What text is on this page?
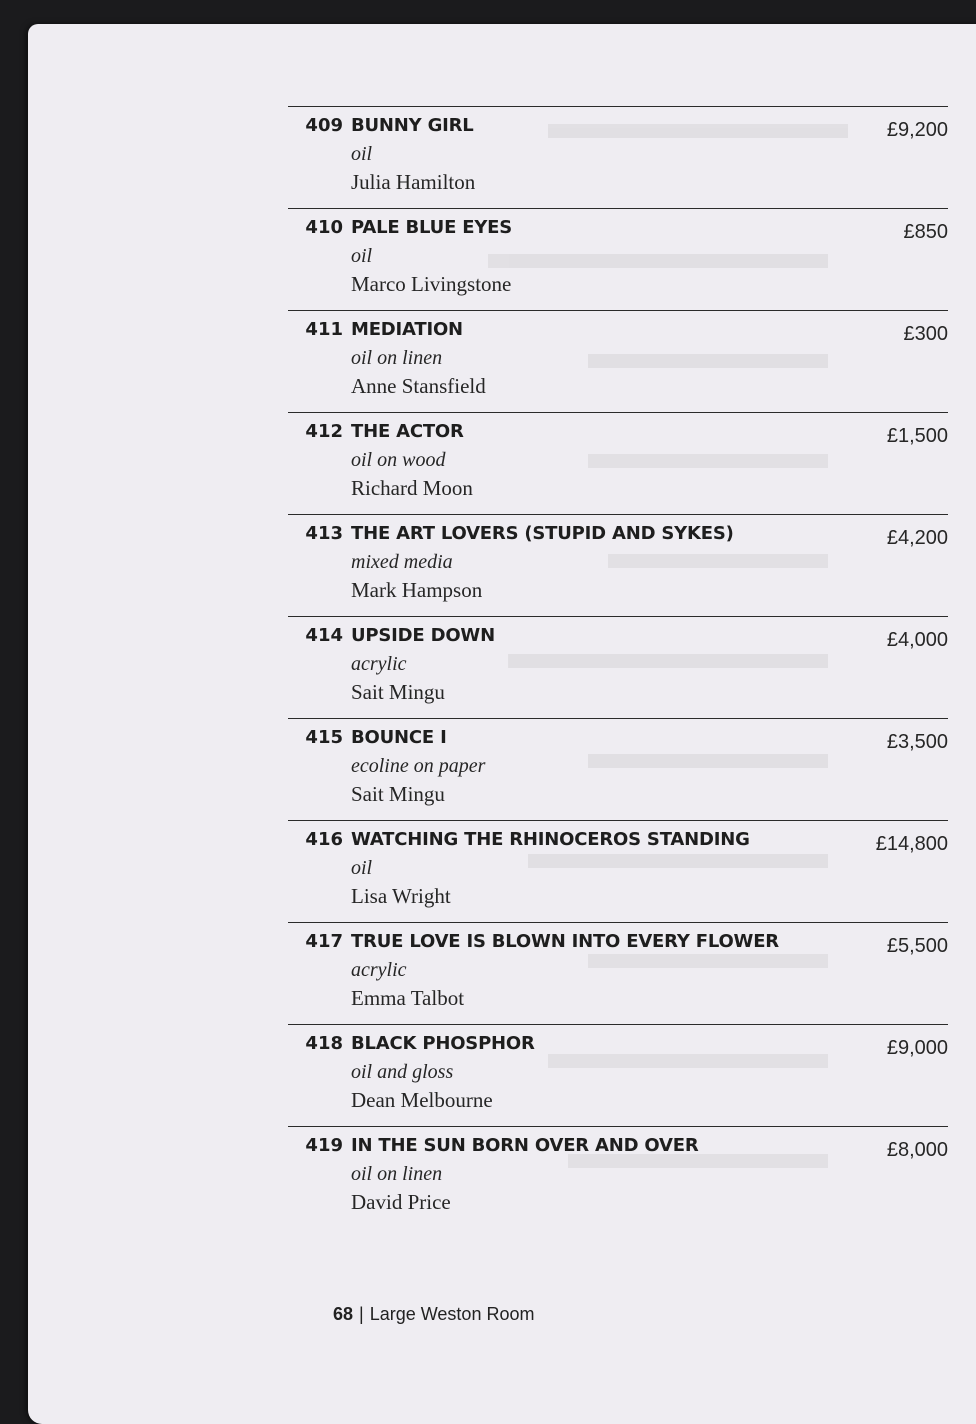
409 BUNNY GIRL
oil
Julia Hamilton
£9,200
410 PALE BLUE EYES
oil
Marco Livingstone
£850
411 MEDIATION
oil on linen
Anne Stansfield
£300
412 THE ACTOR
oil on wood
Richard Moon
£1,500
413 THE ART LOVERS (STUPID AND SYKES)
mixed media
Mark Hampson
£4,200
414 UPSIDE DOWN
acrylic
Sait Mingu
£4,000
415 BOUNCE I
ecoline on paper
Sait Mingu
£3,500
416 WATCHING THE RHINOCEROS STANDING
oil
Lisa Wright
£14,800
417 TRUE LOVE IS BLOWN INTO EVERY FLOWER
acrylic
Emma Talbot
£5,500
418 BLACK PHOSPHOR
oil and gloss
Dean Melbourne
£9,000
419 IN THE SUN BORN OVER AND OVER
oil on linen
David Price
£8,000
68 | Large Weston Room
